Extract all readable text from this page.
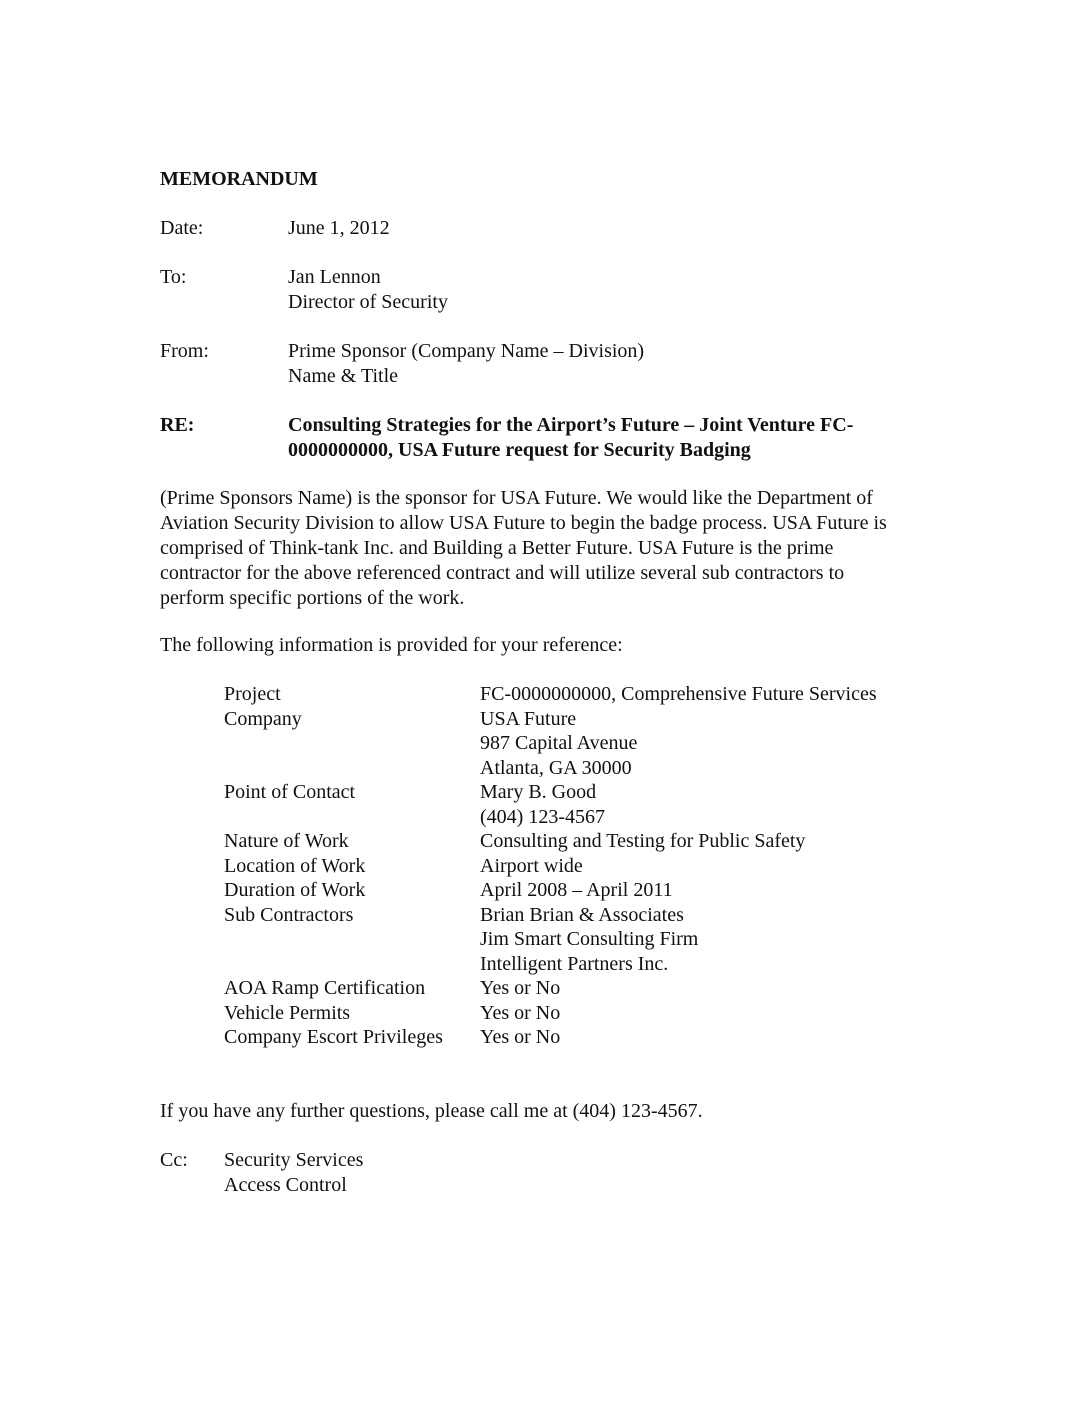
MEMORANDUM
Date:	June 1, 2012
To:	Jan Lennon
Director of Security
From:	Prime Sponsor (Company Name – Division)
Name & Title
RE:	Consulting Strategies for the Airport’s Future – Joint Venture FC-
0000000000, USA Future request for Security Badging
(Prime Sponsors Name) is the sponsor for USA Future. We would like the Department of
Aviation Security Division to allow USA Future to begin the badge process. USA Future is
comprised of Think-tank Inc. and Building a Better Future. USA Future is the prime
contractor for the above referenced contract and will utilize several sub contractors to
perform specific portions of the work.
The following information is provided for your reference:
Project	FC-0000000000, Comprehensive Future Services
Company	USA Future
987 Capital Avenue
Atlanta, GA 30000
Point of Contact	Mary B. Good
(404) 123-4567
Nature of Work	Consulting and Testing for Public Safety
Location of Work	Airport wide
Duration of Work	April 2008 – April 2011
Sub Contractors	Brian Brian & Associates
Jim Smart Consulting Firm
Intelligent Partners Inc.
AOA Ramp Certification	Yes or No
Vehicle Permits	Yes or No
Company Escort Privileges Yes or No
If you have any further questions, please call me at (404) 123-4567.
Cc: Security Services
Access Control
